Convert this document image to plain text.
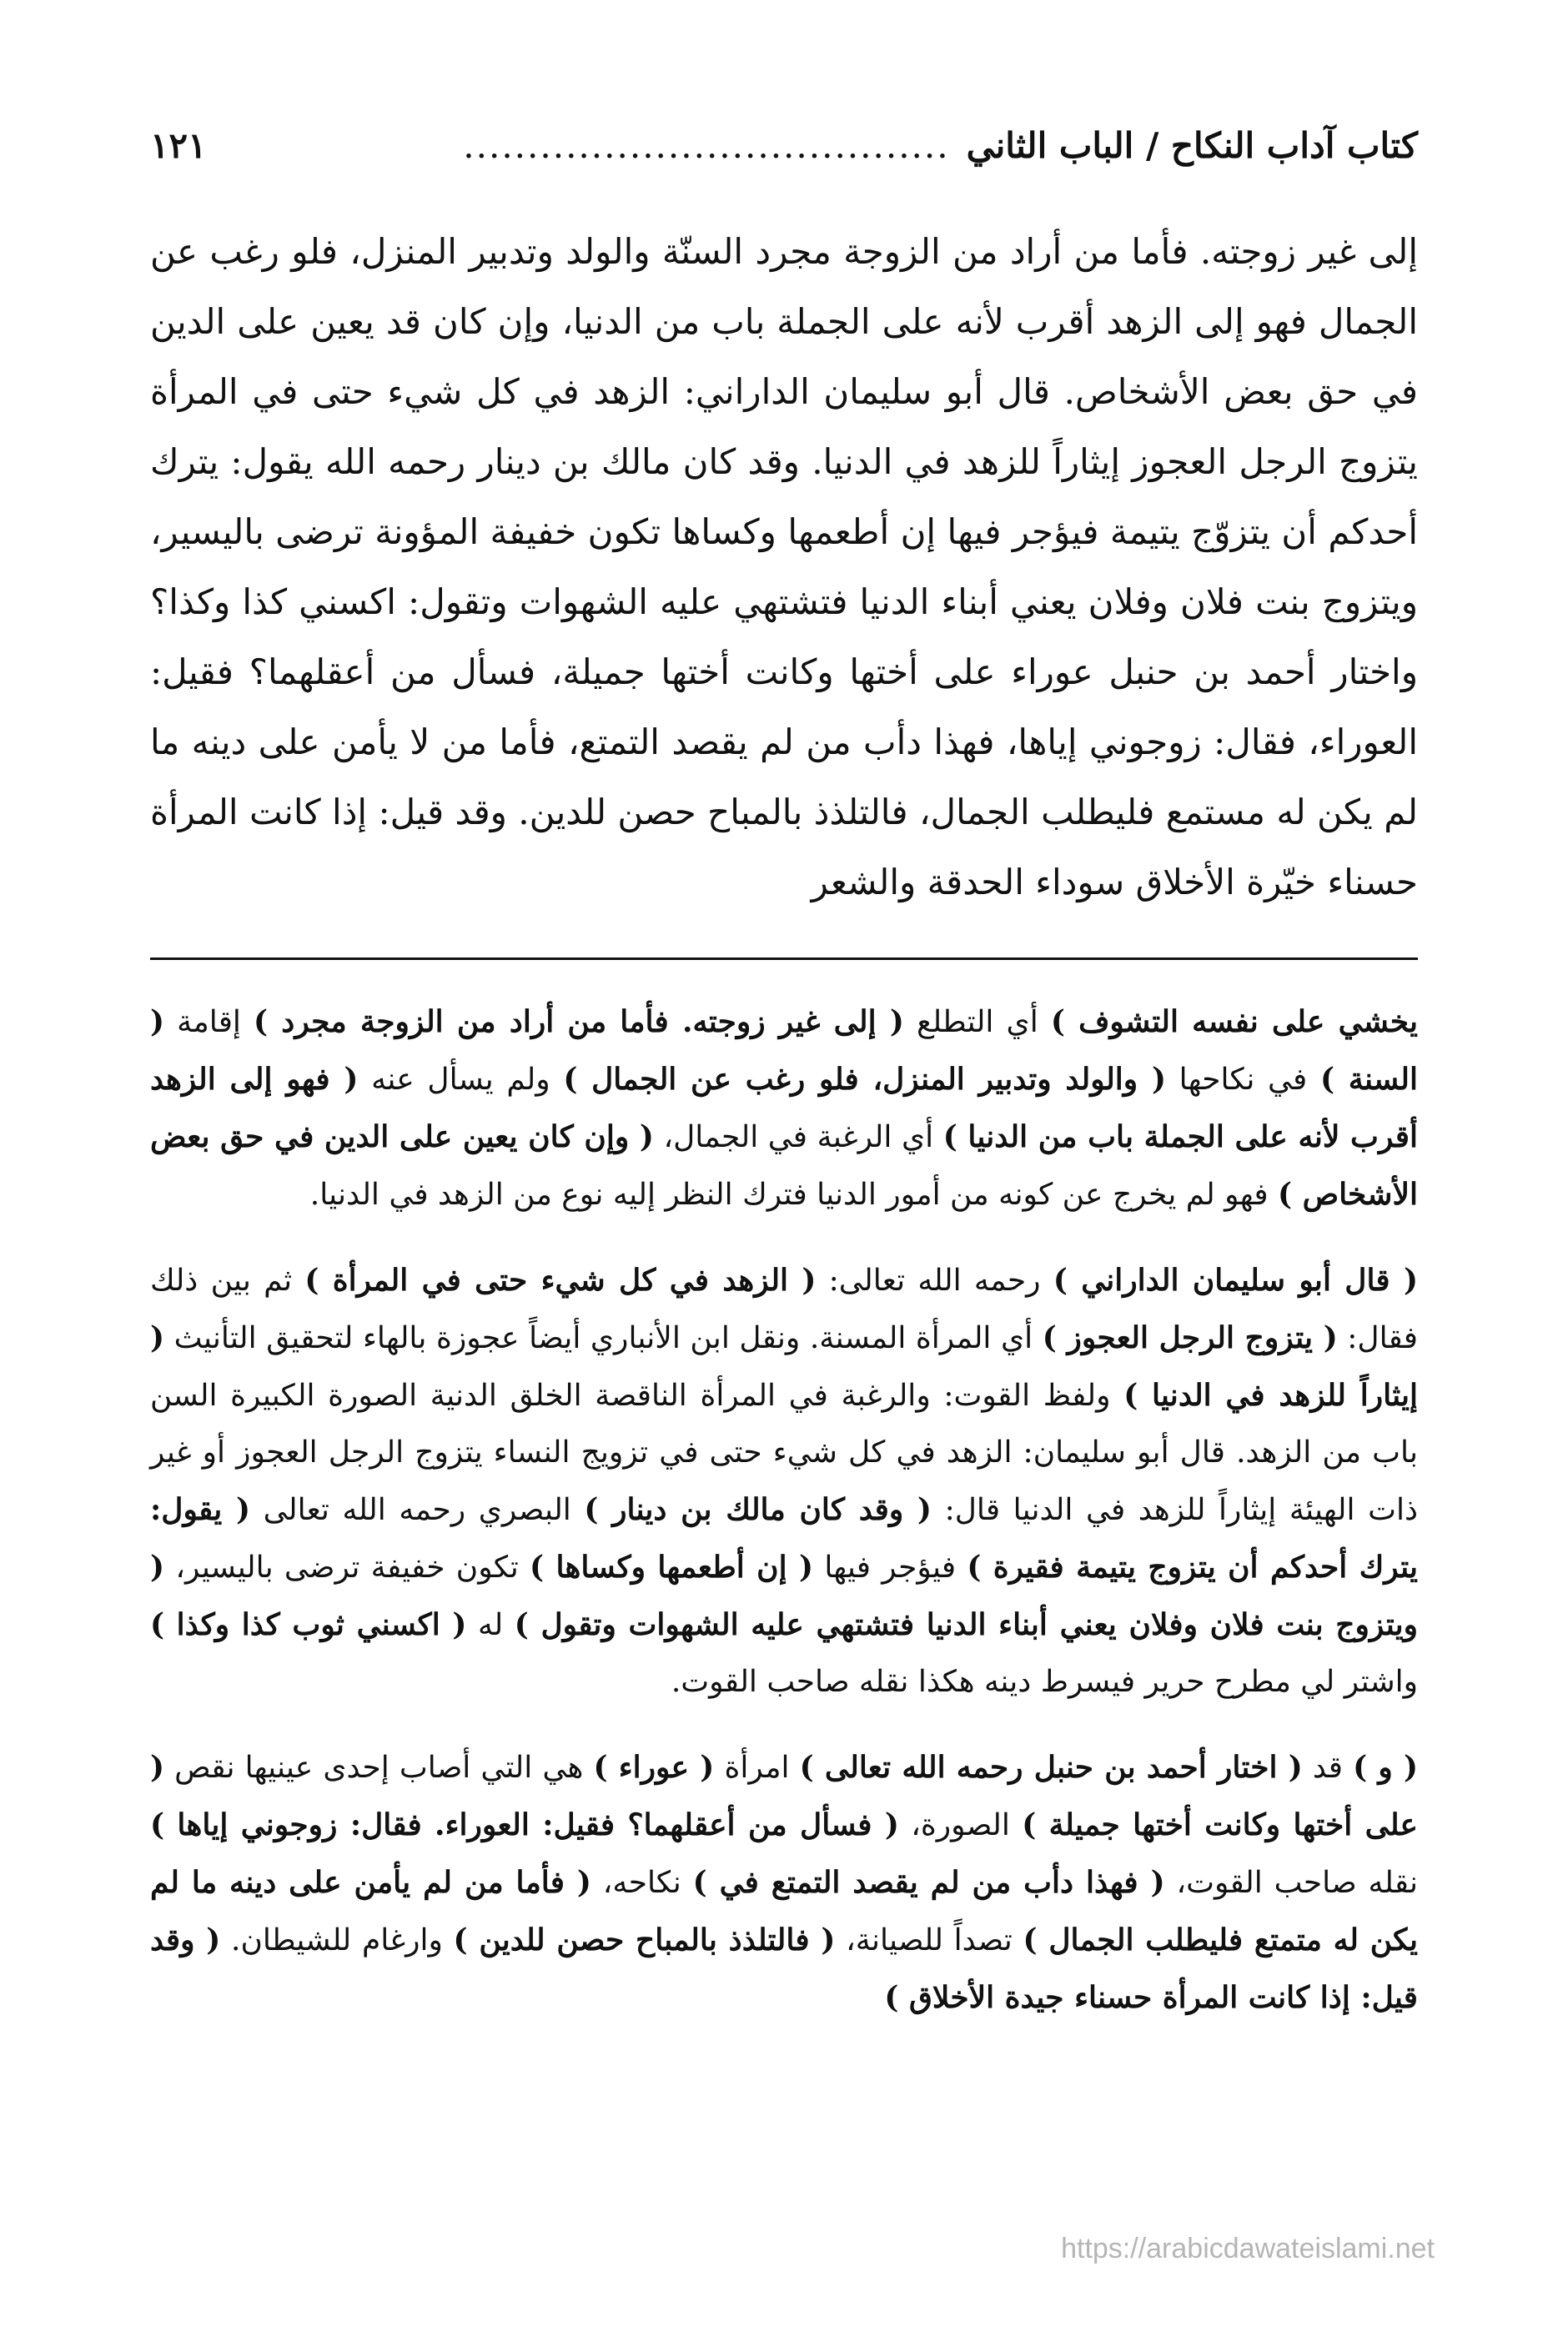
كتاب آداب النكاح / الباب الثاني
......................................
١٢١

إلى غير زوجته. فأما من أراد من الزوجة مجرد السنّة والولد وتدبير المنزل، فلو رغب عن الجمال فهو إلى الزهد أقرب لأنه على الجملة باب من الدنيا، وإن كان قد يعين على الدين في حق بعض الأشخاص. قال أبو سليمان الداراني: الزهد في كل شيء حتى في المرأة يتزوج الرجل العجوز إيثاراً للزهد في الدنيا. وقد كان مالك بن دينار رحمه الله يقول: يترك أحدكم أن يتزوّج يتيمة فيؤجر فيها إن أطعمها وكساها تكون خفيفة المؤونة ترضى باليسير، ويتزوج بنت فلان وفلان يعني أبناء الدنيا فتشتهي عليه الشهوات وتقول: اكسني كذا وكذا؟ واختار أحمد بن حنبل عوراء على أختها وكانت أختها جميلة، فسأل من أعقلهما؟ فقيل: العوراء، فقال: زوجوني إياها، فهذا دأب من لم يقصد التمتع، فأما من لا يأمن على دينه ما لم يكن له مستمع فليطلب الجمال، فالتلذذ بالمباح حصن للدين. وقد قيل: إذا كانت المرأة حسناء خيّرة الأخلاق سوداء الحدقة والشعر

يخشي على نفسه التشوف ) أي التطلع ( إلى غير زوجته. فأما من أراد من الزوجة مجرد ) إقامة ( السنة ) في نكاحها ( والولد وتدبير المنزل، فلو رغب عن الجمال ) ولم يسأل عنه ( فهو إلى الزهد أقرب لأنه على الجملة باب من الدنيا ) أي الرغبة في الجمال، ( وإن كان يعين على الدين في حق بعض الأشخاص ) فهو لم يخرج عن كونه من أمور الدنيا فترك النظر إليه نوع من الزهد في الدنيا.

( قال أبو سليمان الداراني ) رحمه الله تعالى: ( الزهد في كل شيء حتى في المرأة ) ثم بين ذلك فقال: ( يتزوج الرجل العجوز ) أي المرأة المسنة. ونقل ابن الأنباري أيضاً عجوزة بالهاء لتحقيق التأنيث ( إيثاراً للزهد في الدنيا ) ولفظ القوت: والرغبة في المرأة الناقصة الخلق الدنية الصورة الكبيرة السن باب من الزهد. قال أبو سليمان: الزهد في كل شيء حتى في تزويج النساء يتزوج الرجل العجوز أو غير ذات الهيئة إيثاراً للزهد في الدنيا قال: ( وقد كان مالك بن دينار ) البصري رحمه الله تعالى ( يقول: يترك أحدكم أن يتزوج يتيمة فقيرة ) فيؤجر فيها ( إن أطعمها وكساها ) تكون خفيفة ترضى باليسير، ( ويتزوج بنت فلان وفلان يعني أبناء الدنيا فتشتهي عليه الشهوات وتقول ) له ( اكسني ثوب كذا وكذا ) واشتر لي مطرح حرير فيسرط دينه هكذا نقله صاحب القوت.

( و ) قد ( اختار أحمد بن حنبل رحمه الله تعالى ) امرأة ( عوراء ) هي التي أصاب إحدى عينيها نقص ( على أختها وكانت أختها جميلة ) الصورة، ( فسأل من أعقلهما؟ فقيل: العوراء. فقال: زوجوني إياها ) نقله صاحب القوت، ( فهذا دأب من لم يقصد التمتع في ) نكاحه، ( فأما من لم يأمن على دينه ما لم يكن له متمتع فليطلب الجمال ) تصداً للصيانة، ( فالتلذذ بالمباح حصن للدين ) وارغام للشيطان. ( وقد قيل: إذا كانت المرأة حسناء جيدة الأخلاق )

https://arabicdawateislami.net
